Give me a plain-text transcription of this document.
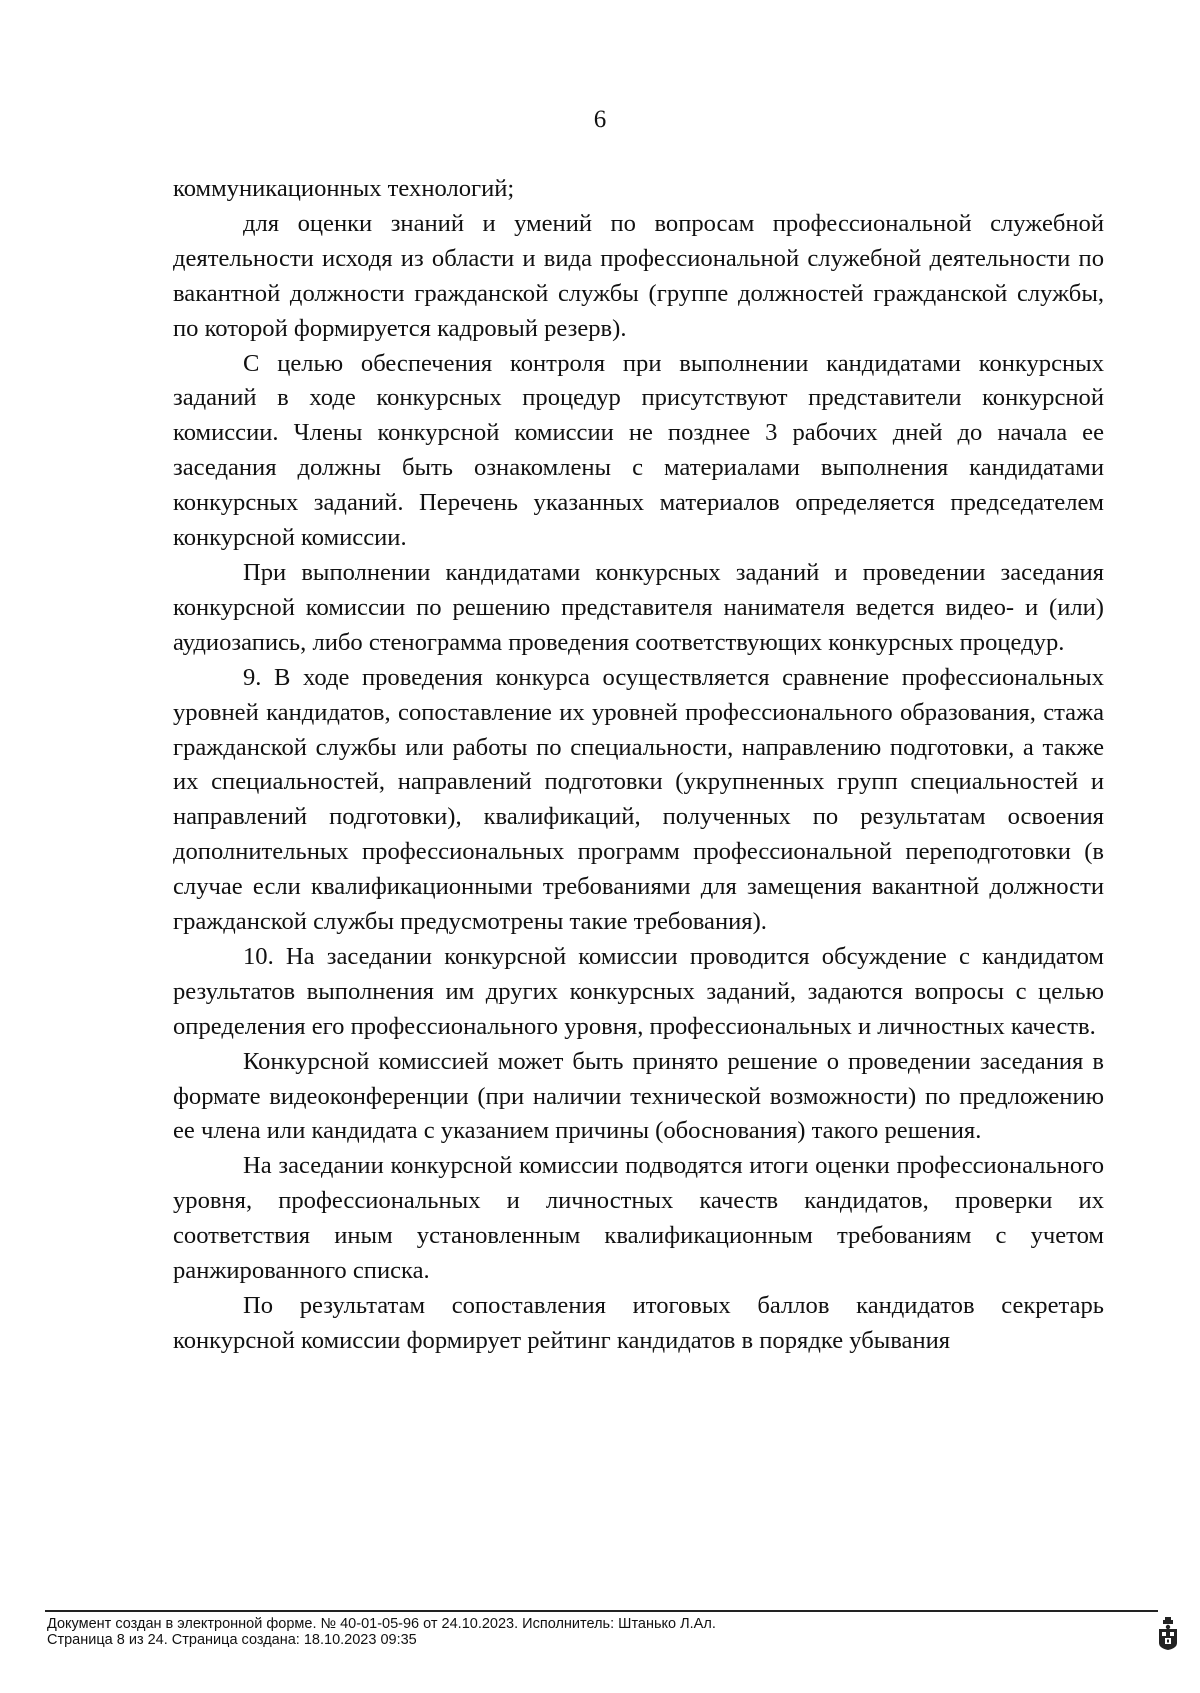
6

коммуникационных технологий;

для оценки знаний и умений по вопросам профессиональной служебной деятельности исходя из области и вида профессиональной служебной деятельности по вакантной должности гражданской службы (группе должностей гражданской службы, по которой формируется кадровый резерв).

С целью обеспечения контроля при выполнении кандидатами конкурсных заданий в ходе конкурсных процедур присутствуют представители конкурсной комиссии. Члены конкурсной комиссии не позднее 3 рабочих дней до начала ее заседания должны быть ознакомлены с материалами выполнения кандидатами конкурсных заданий. Перечень указанных материалов определяется председателем конкурсной комиссии.

При выполнении кандидатами конкурсных заданий и проведении заседания конкурсной комиссии по решению представителя нанимателя ведется видео- и (или) аудиозапись, либо стенограмма проведения соответствующих конкурсных процедур.

9. В ходе проведения конкурса осуществляется сравнение профессиональных уровней кандидатов, сопоставление их уровней профессионального образования, стажа гражданской службы или работы по специальности, направлению подготовки, а также их специальностей, направлений подготовки (укрупненных групп специальностей и направлений подготовки), квалификаций, полученных по результатам освоения дополнительных профессиональных программ профессиональной переподготовки (в случае если квалификационными требованиями для замещения вакантной должности гражданской службы предусмотрены такие требования).

10. На заседании конкурсной комиссии проводится обсуждение с кандидатом результатов выполнения им других конкурсных заданий, задаются вопросы с целью определения его профессионального уровня, профессиональных и личностных качеств.

Конкурсной комиссией может быть принято решение о проведении заседания в формате видеоконференции (при наличии технической возможности) по предложению ее члена или кандидата с указанием причины (обоснования) такого решения.

На заседании конкурсной комиссии подводятся итоги оценки профессионального уровня, профессиональных и личностных качеств кандидатов, проверки их соответствия иным установленным квалификационным требованиям с учетом ранжированного списка.

По результатам сопоставления итоговых баллов кандидатов секретарь конкурсной комиссии формирует рейтинг кандидатов в порядке убывания

Документ создан в электронной форме. № 40-01-05-96 от 24.10.2023. Исполнитель: Штанько Л.Ал.
Страница 8 из 24. Страница создана: 18.10.2023 09:35
